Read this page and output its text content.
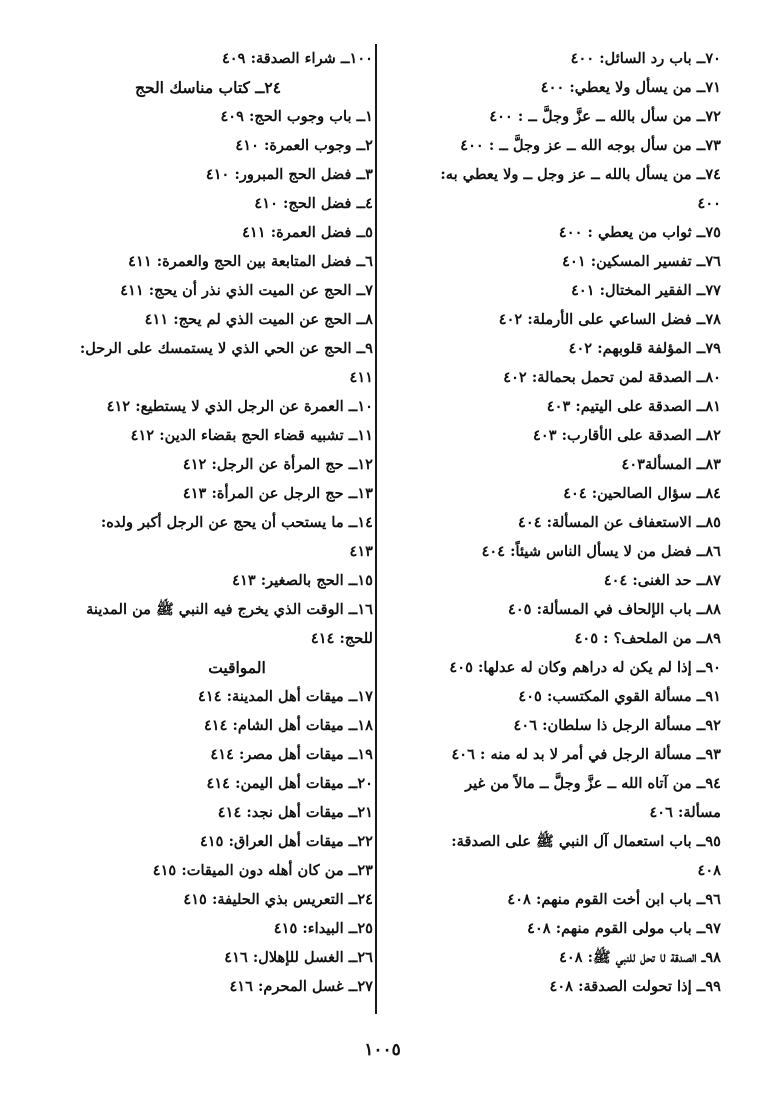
٧٠ــ باب رد السائل: ٤٠٠
٧١ــ من يسأل ولا يعطي: ٤٠٠
٧٢ــ من سأل بالله ــ عزَّ وجلَّ ــ : ٤٠٠
٧٣ــ من سأل بوجه الله ــ عز وجلَّ ــ : ٤٠٠
٧٤ــ من يسأل بالله ــ عز وجل ــ ولا يعطي به:
٤٠٠
٧٥ــ ثواب من يعطي : ٤٠٠
٧٦ــ تفسير المسكين: ٤٠١
٧٧ــ الفقير المختال: ٤٠١
٧٨ــ فضل الساعي على الأرملة: ٤٠٢
٧٩ــ المؤلفة قلوبهم: ٤٠٢
٨٠ــ الصدقة لمن تحمل بحمالة: ٤٠٢
٨١ــ الصدقة على اليتيم: ٤٠٣
٨٢ــ الصدقة على الأقارب: ٤٠٣
٨٣ــ المسألة٤٠٣
٨٤ــ سؤال الصالحين: ٤٠٤
٨٥ــ الاستعفاف عن المسألة: ٤٠٤
٨٦ــ فضل من لا يسأل الناس شيئاً: ٤٠٤
٨٧ــ حد الغنى: ٤٠٤
٨٨ــ باب الإلحاف في المسألة: ٤٠٥
٨٩ــ من الملحف؟ : ٤٠٥
٩٠ــ إذا لم يكن له دراهم وكان له عدلها: ٤٠٥
٩١ــ مسألة القوي المكتسب: ٤٠٥
٩٢ــ مسألة الرجل ذا سلطان: ٤٠٦
٩٣ــ مسألة الرجل في أمر لا بد له منه : ٤٠٦
٩٤ــ من آتاه الله ــ عزَّ وجلَّ ــ مالاً من غير
مسألة: ٤٠٦
٩٥ــ باب استعمال آل النبي ﷺ على الصدقة:
٤٠٨
٩٦ــ باب ابن أخت القوم منهم: ٤٠٨
٩٧ــ باب مولى القوم منهم: ٤٠٨
٩٨ــ الصدقة لا تحل للنبي ﷺ: ٤٠٨
٩٩ــ إذا تحولت الصدقة: ٤٠٨
١٠٠ــ شراء الصدقة: ٤٠٩
٢٤ــ كتاب مناسك الحج
١ــ باب وجوب الحج: ٤٠٩
٢ــ وجوب العمرة: ٤١٠
٣ــ فضل الحج المبرور: ٤١٠
٤ــ فضل الحج: ٤١٠
٥ــ فضل العمرة: ٤١١
٦ــ فضل المتابعة بين الحج والعمرة: ٤١١
٧ــ الحج عن الميت الذي نذر أن يحج: ٤١١
٨ــ الحج عن الميت الذي لم يحج: ٤١١
٩ــ الحج عن الحي الذي لا يستمسك على الرحل:
٤١١
١٠ــ العمرة عن الرجل الذي لا يستطيع: ٤١٢
١١ــ تشبيه قضاء الحج بقضاء الدين: ٤١٢
١٢ــ حج المرأة عن الرجل: ٤١٢
١٣ــ حج الرجل عن المرأة: ٤١٣
١٤ــ ما يستحب أن يحج عن الرجل أكبر ولده:
٤١٣
١٥ــ الحج بالصغير: ٤١٣
١٦ــ الوقت الذي يخرج فيه النبي ﷺ من المدينة
للحج: ٤١٤
المواقيت
١٧ــ ميقات أهل المدينة: ٤١٤
١٨ــ ميقات أهل الشام: ٤١٤
١٩ــ ميقات أهل مصر: ٤١٤
٢٠ــ ميقات أهل اليمن: ٤١٤
٢١ــ ميقات أهل نجد: ٤١٤
٢٢ــ ميقات أهل العراق: ٤١٥
٢٣ــ من كان أهله دون الميقات: ٤١٥
٢٤ــ التعريس بذي الحليفة: ٤١٥
٢٥ــ البيداء: ٤١٥
٢٦ــ الغسل للإهلال: ٤١٦
٢٧ــ غسل المحرم: ٤١٦
١٠٠٥
